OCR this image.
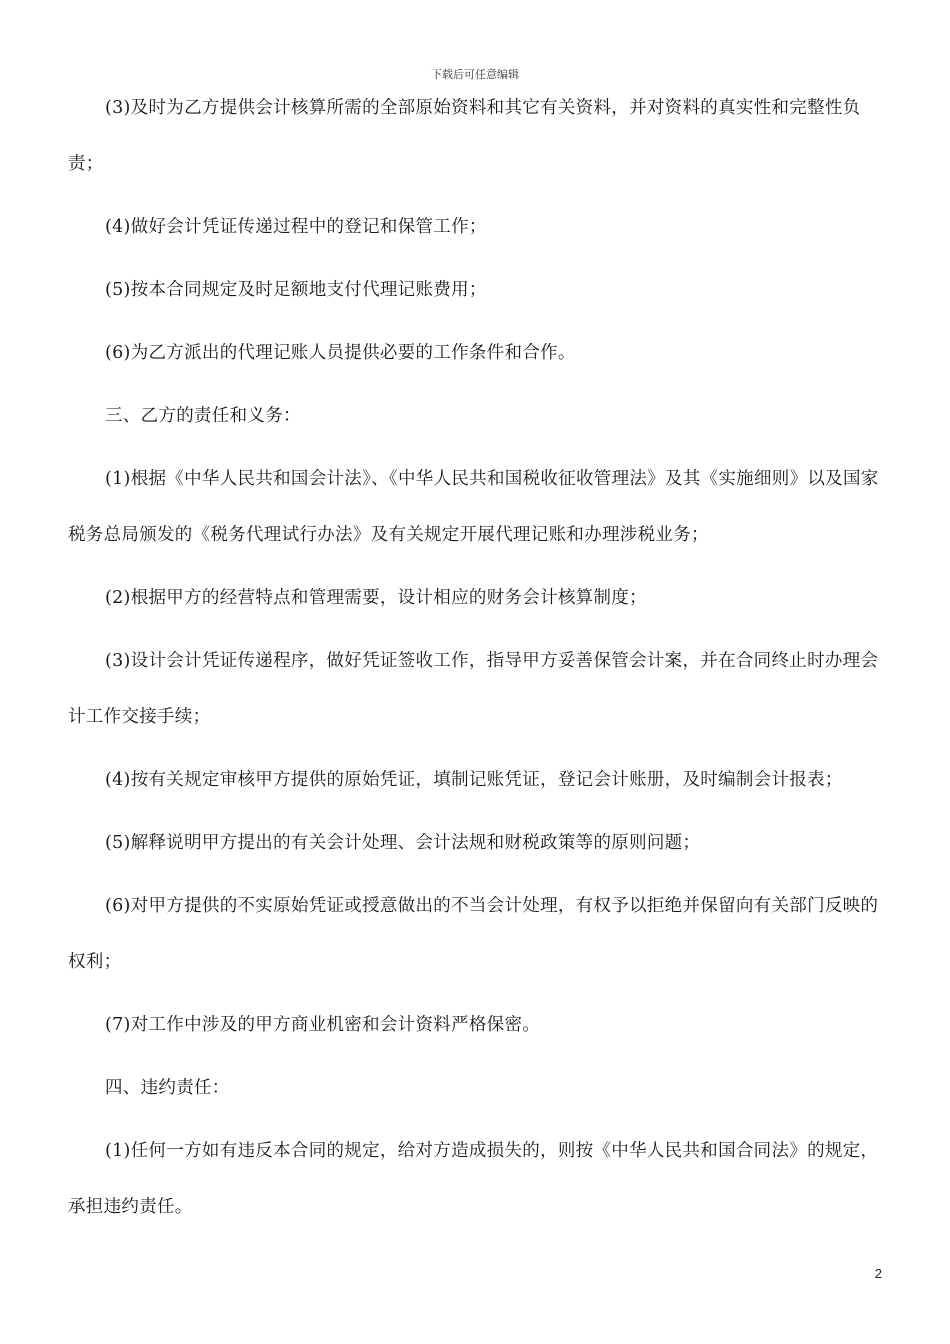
下载后可任意编辑

(3)及时为乙方提供会计核算所需的全部原始资料和其它有关资料，并对资料的真实性和完整性负责；

(4)做好会计凭证传递过程中的登记和保管工作；

(5)按本合同规定及时足额地支付代理记账费用；

(6)为乙方派出的代理记账人员提供必要的工作条件和合作。

三、乙方的责任和义务：

(1)根据《中华人民共和国会计法》、《中华人民共和国税收征收管理法》及其《实施细则》以及国家税务总局颁发的《税务代理试行办法》及有关规定开展代理记账和办理涉税业务；

(2)根据甲方的经营特点和管理需要，设计相应的财务会计核算制度；

(3)设计会计凭证传递程序，做好凭证签收工作，指导甲方妥善保管会计案，并在合同终止时办理会计工作交接手续；

(4)按有关规定审核甲方提供的原始凭证，填制记账凭证，登记会计账册，及时编制会计报表；

(5)解释说明甲方提出的有关会计处理、会计法规和财税政策等的原则问题；

(6)对甲方提供的不实原始凭证或授意做出的不当会计处理，有权予以拒绝并保留向有关部门反映的权利；

(7)对工作中涉及的甲方商业机密和会计资料严格保密。

四、违约责任：

(1)任何一方如有违反本合同的规定，给对方造成损失的，则按《中华人民共和国合同法》的规定，承担违约责任。

2
